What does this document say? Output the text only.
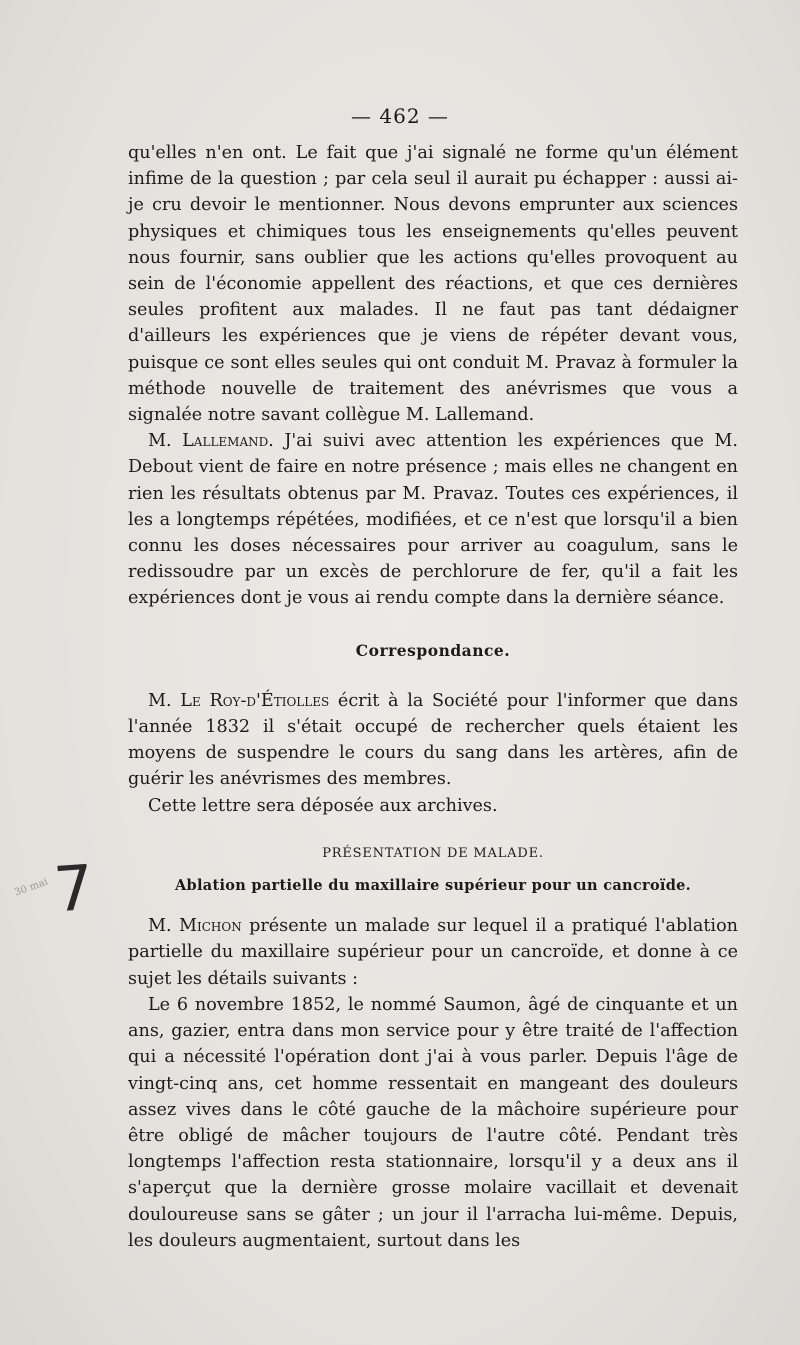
— 462 —
7
30 mai

qu'elles n'en ont. Le fait que j'ai signalé ne forme qu'un élément infime de la question ; par cela seul il aurait pu échapper : aussi ai-je cru devoir le mentionner. Nous devons emprunter aux sciences physiques et chimiques tous les enseignements qu'elles peuvent nous fournir, sans oublier que les actions qu'elles provoquent au sein de l'économie appellent des réactions, et que ces dernières seules profitent aux malades. Il ne faut pas tant dédaigner d'ailleurs les expériences que je viens de répéter devant vous, puisque ce sont elles seules qui ont conduit M. Pravaz à formuler la méthode nouvelle de traitement des anévrismes que vous a signalée notre savant collègue M. Lallemand.

M. Lallemand. J'ai suivi avec attention les expériences que M. Debout vient de faire en notre présence ; mais elles ne changent en rien les résultats obtenus par M. Pravaz. Toutes ces expériences, il les a longtemps répétées, modifiées, et ce n'est que lorsqu'il a bien connu les doses nécessaires pour arriver au coagulum, sans le redissoudre par un excès de perchlorure de fer, qu'il a fait les expériences dont je vous ai rendu compte dans la dernière séance.

Correspondance.

M. Le Roy-d'Étiolles écrit à la Société pour l'informer que dans l'année 1832 il s'était occupé de rechercher quels étaient les moyens de suspendre le cours du sang dans les artères, afin de guérir les anévrismes des membres.

Cette lettre sera déposée aux archives.

PRÉSENTATION DE MALADE.

Ablation partielle du maxillaire supérieur pour un cancroïde.

M. Michon présente un malade sur lequel il a pratiqué l'ablation partielle du maxillaire supérieur pour un cancroïde, et donne à ce sujet les détails suivants :

Le 6 novembre 1852, le nommé Saumon, âgé de cinquante et un ans, gazier, entra dans mon service pour y être traité de l'affection qui a nécessité l'opération dont j'ai à vous parler. Depuis l'âge de vingt-cinq ans, cet homme ressentait en mangeant des douleurs assez vives dans le côté gauche de la mâchoire supérieure pour être obligé de mâcher toujours de l'autre côté. Pendant très longtemps l'affection resta stationnaire, lorsqu'il y a deux ans il s'aperçut que la dernière grosse molaire vacillait et devenait douloureuse sans se gâter ; un jour il l'arracha lui-même. Depuis, les douleurs augmentaient, surtout dans les
